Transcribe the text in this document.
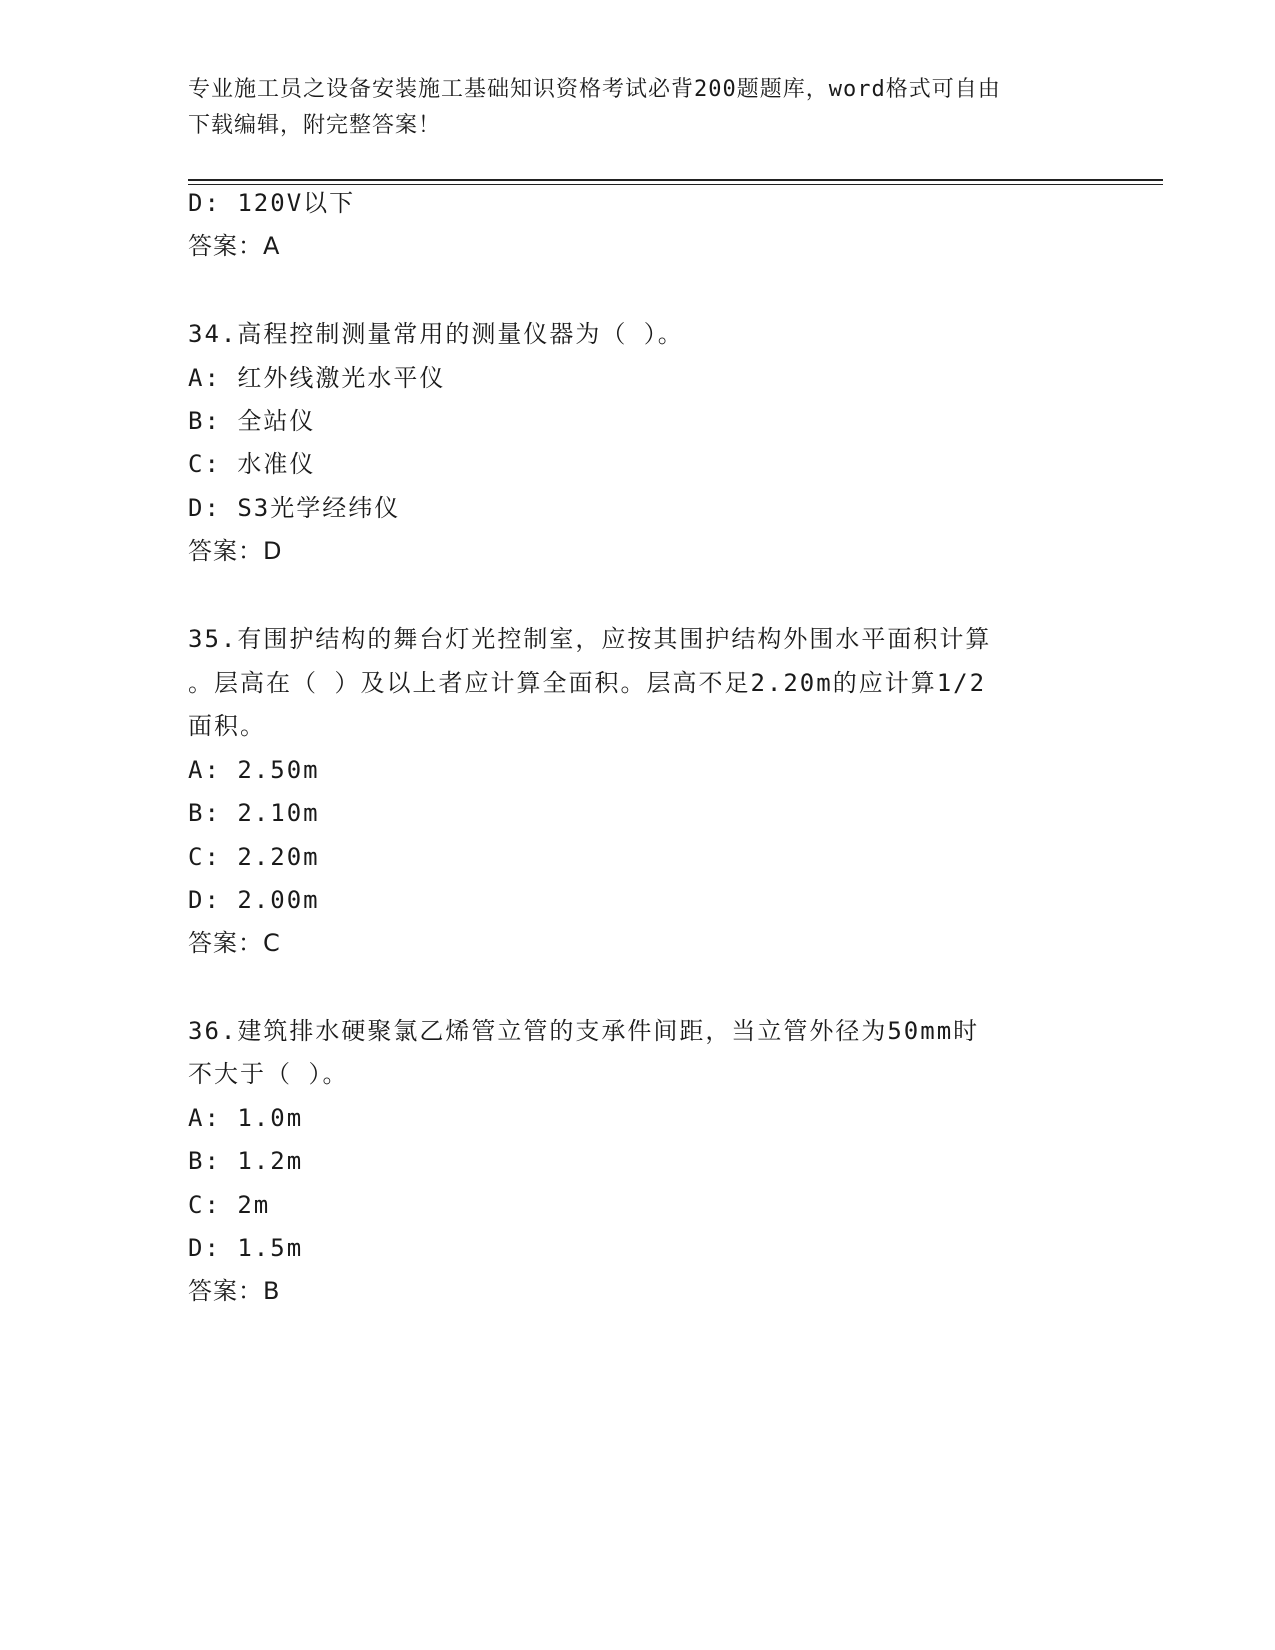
专业施工员之设备安装施工基础知识资格考试必背200题题库，word格式可自由
下载编辑，附完整答案！
D: 120V以下
答案：A
34.高程控制测量常用的测量仪器为（ ）。
A: 红外线激光水平仪
B: 全站仪
C: 水准仪
D: S3光学经纬仪
答案：D
35.有围护结构的舞台灯光控制室，应按其围护结构外围水平面积计算
。层高在（ ）及以上者应计算全面积。层高不足2.20m的应计算1/2
面积。
A: 2.50m
B: 2.10m
C: 2.20m
D: 2.00m
答案：C
36.建筑排水硬聚氯乙烯管立管的支承件间距，当立管外径为50mm时
不大于（ ）。
A: 1.0m
B: 1.2m
C: 2m
D: 1.5m
答案：B
